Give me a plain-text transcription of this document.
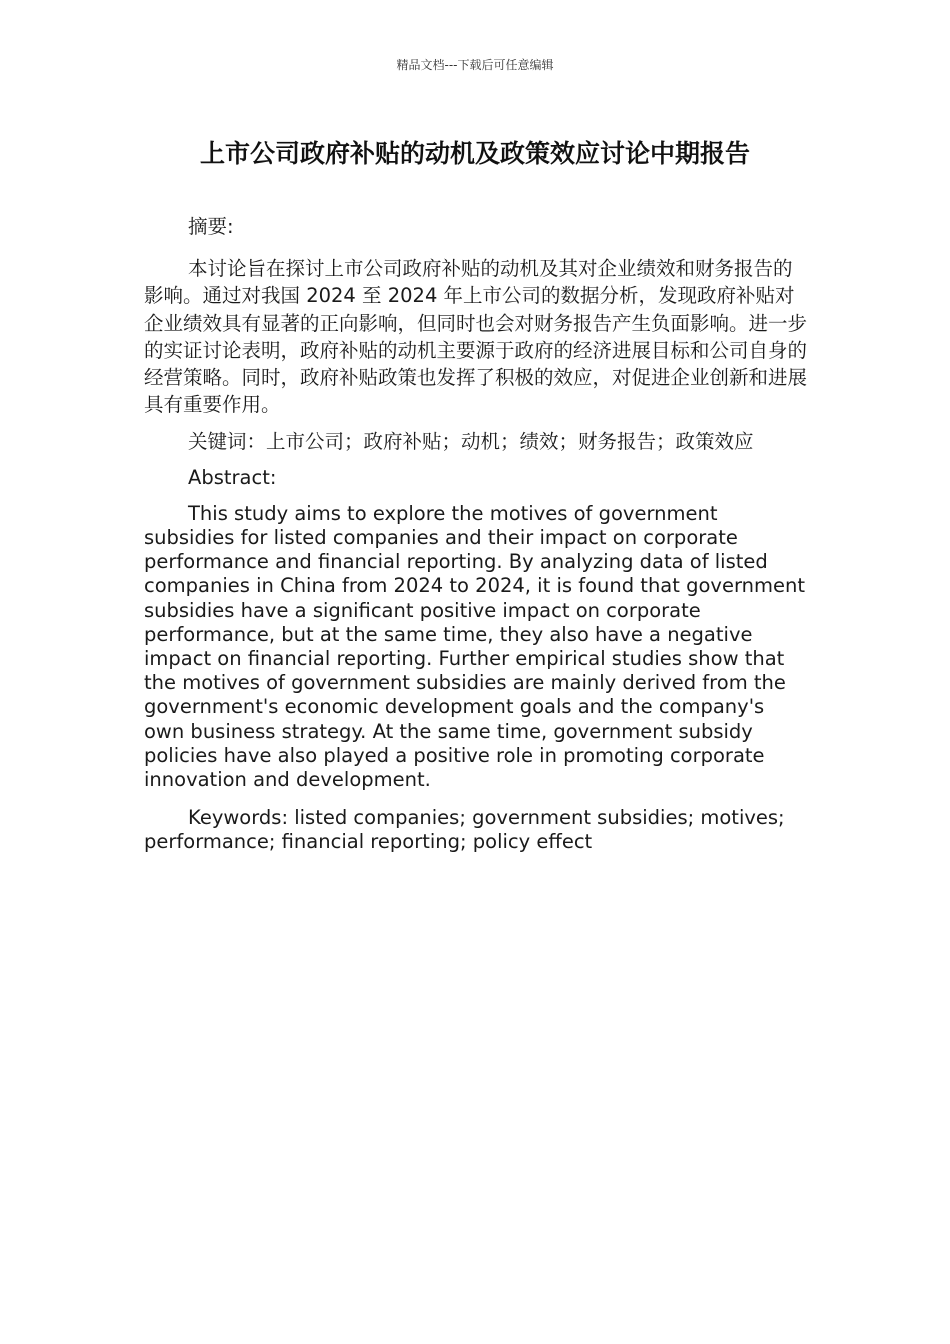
精品文档---下载后可任意编辑
上市公司政府补贴的动机及政策效应讨论中期报告

摘要:

本讨论旨在探讨上市公司政府补贴的动机及其对企业绩效和财务报告的影响。通过对我国 2024 至 2024 年上市公司的数据分析，发现政府补贴对企业绩效具有显著的正向影响，但同时也会对财务报告产生负面影响。进一步的实证讨论表明，政府补贴的动机主要源于政府的经济进展目标和公司自身的经营策略。同时，政府补贴政策也发挥了积极的效应，对促进企业创新和进展具有重要作用。

关键词：上市公司；政府补贴；动机；绩效；财务报告；政策效应

Abstract:

This study aims to explore the motives of government subsidies for listed companies and their impact on corporate performance and financial reporting. By analyzing data of listed companies in China from 2024 to 2024, it is found that government subsidies have a significant positive impact on corporate performance, but at the same time, they also have a negative impact on financial reporting. Further empirical studies show that the motives of government subsidies are mainly derived from the government's economic development goals and the company's own business strategy. At the same time, government subsidy policies have also played a positive role in promoting corporate innovation and development.

Keywords: listed companies; government subsidies; motives; performance; financial reporting; policy effect
